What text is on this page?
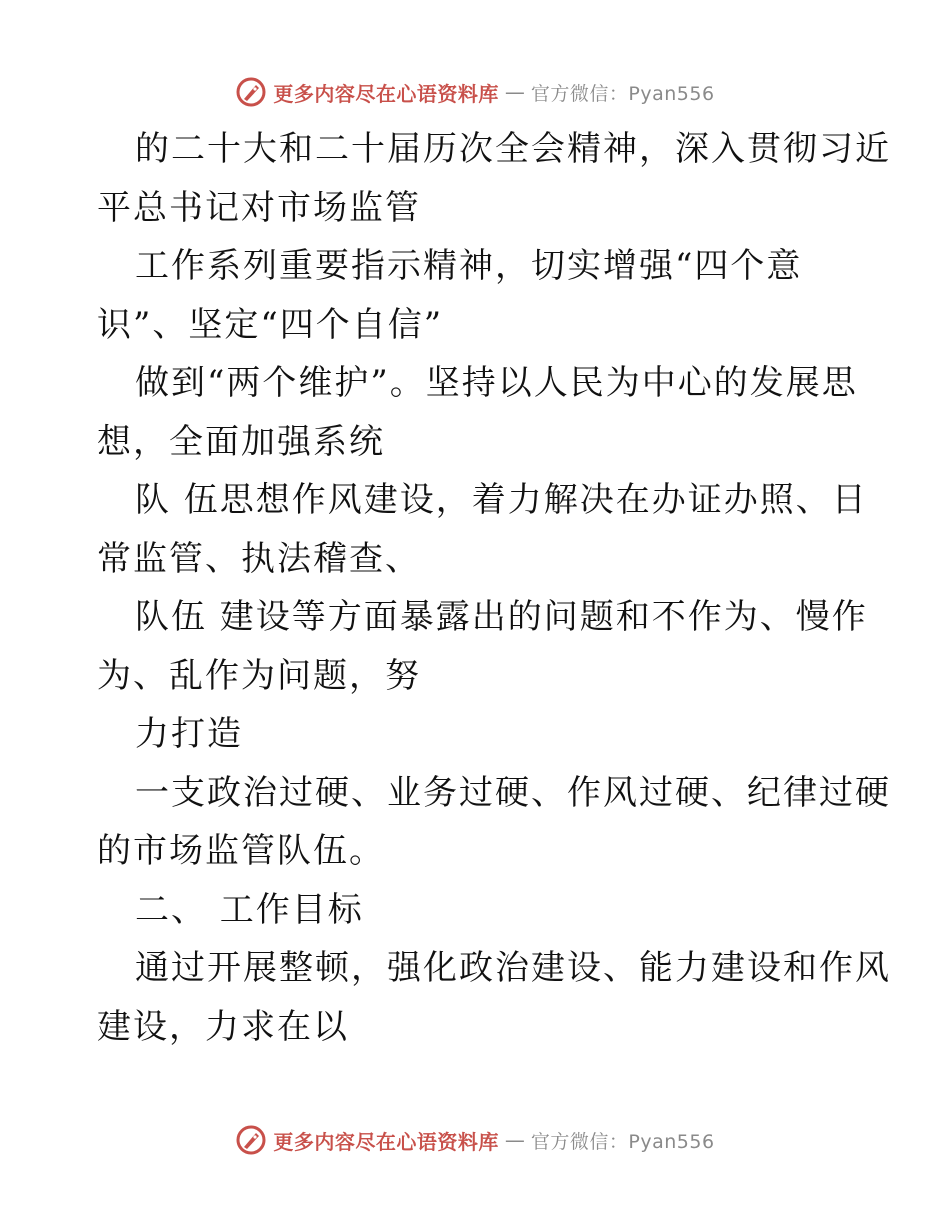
更多内容尽在心语资料库 — 官方微信：Pyan556
的二十大和二十届历次全会精神，深入贯彻习近
平总书记对市场监管
工作系列重要指示精神，切实增强“四个意
识”、坚定“四个自信”
做到“两个维护”。坚持以人民为中心的发展思
想，全面加强系统
队 伍思想作风建设，着力解决在办证办照、日
常监管、执法稽查、
队伍 建设等方面暴露出的问题和不作为、慢作
为、乱作为问题，努
力打造
一支政治过硬、业务过硬、作风过硬、纪律过硬
的市场监管队伍。
二、 工作目标
通过开展整顿，强化政治建设、能力建设和作风
建设，力求在以
更多内容尽在心语资料库 — 官方微信：Pyan556
